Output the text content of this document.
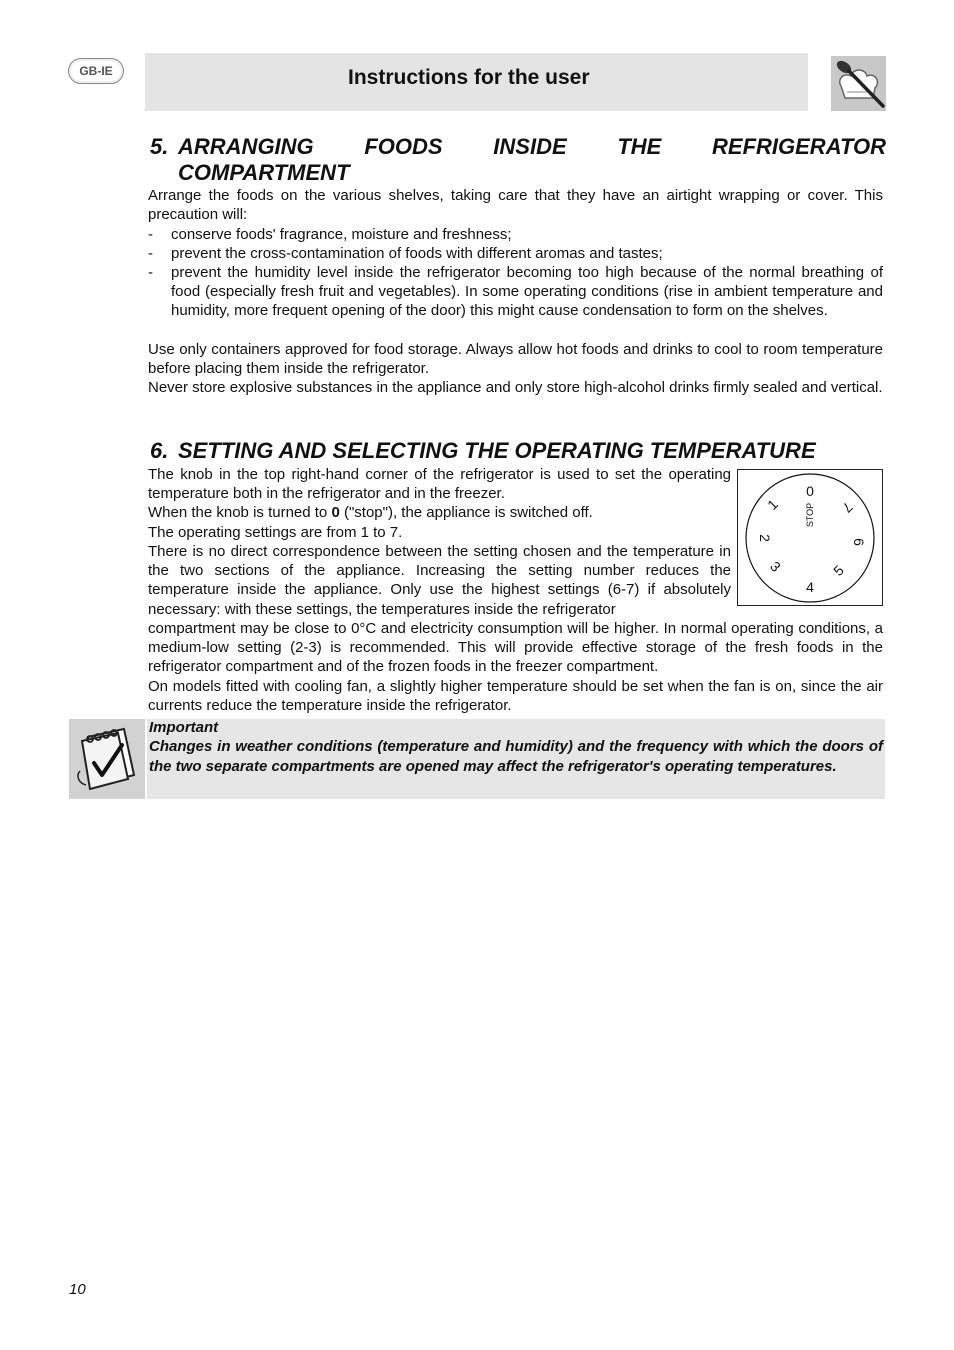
GB-IE	Instructions for the user
5. ARRANGING FOODS INSIDE THE REFRIGERATOR
COMPARTMENT
Arrange the foods on the various shelves, taking care that they have an airtight wrapping or cover. This precaution will:
- conserve foods' fragrance, moisture and freshness;
- prevent the cross-contamination of foods with different aromas and tastes;
- prevent the humidity level inside the refrigerator becoming too high because of the normal breathing of food (especially fresh fruit and vegetables). In some operating conditions (rise in ambient temperature and humidity, more frequent opening of the door) this might cause condensation to form on the shelves.
Use only containers approved for food storage. Always allow hot foods and drinks to cool to room temperature before placing them inside the refrigerator.
Never store explosive substances in the appliance and only store high-alcohol drinks firmly sealed and vertical.
6. SETTING AND SELECTING THE OPERATING TEMPERATURE
The knob in the top right-hand corner of the refrigerator is used to set the operating temperature both in the refrigerator and in the freezer.
When the knob is turned to 0 ("stop"), the appliance is switched off.
The operating settings are from 1 to 7.
There is no direct correspondence between the setting chosen and the temperature in the two sections of the appliance. Increasing the setting number reduces the temperature inside the appliance. Only use the highest settings (6-7) if absolutely necessary: with these settings, the temperatures inside the refrigerator
compartment may be close to 0°C and electricity consumption will be higher. In normal operating conditions, a medium-low setting (2-3) is recommended. This will provide effective storage of the fresh foods in the refrigerator compartment and of the frozen foods in the freezer compartment.
On models fitted with cooling fan, a slightly higher temperature should be set when the fan is on, since the air currents reduce the temperature inside the refrigerator.
0
STOP
1
2
3
4
5
6
7
Important
Changes in weather conditions (temperature and humidity) and the frequency with which the doors of the two separate compartments are opened may affect the refrigerator's operating temperatures.
10
